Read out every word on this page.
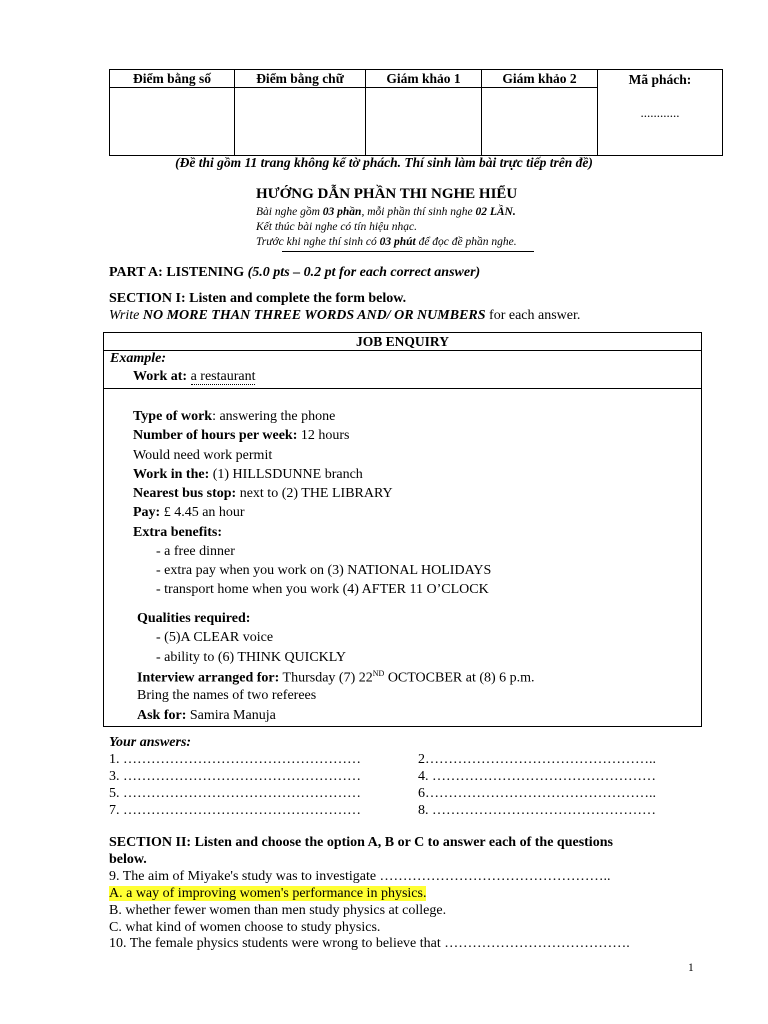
Điểm bằng số	Điểm bằng chữ	Giám khảo 1	Giám khảo 2	Mã phách:
............

(Đề thi gồm 11 trang không kể tờ phách. Thí sinh làm bài trực tiếp trên đề)
HƯỚNG DẪN PHẦN THI NGHE HIỂU
Bài nghe gồm 03 phần, mỗi phần thí sinh nghe 02 LẦN.
Kết thúc bài nghe có tín hiệu nhạc.
Trước khi nghe thí sinh có 03 phút để đọc đề phần nghe.
PART A: LISTENING (5.0 pts – 0.2 pt for each correct answer)
SECTION I: Listen and complete the form below.
Write NO MORE THAN THREE WORDS AND/ OR NUMBERS for each answer.
JOB ENQUIRY
Example:
Work at: a restaurant
Type of work: answering the phone
Number of hours per week: 12 hours
Would need work permit
Work in the: (1) HILLSDUNNE branch
Nearest bus stop: next to (2) THE LIBRARY
Pay: £ 4.45 an hour
Extra benefits:
- a free dinner
- extra pay when you work on (3) NATIONAL HOLIDAYS
- transport home when you work (4) AFTER 11 O’CLOCK
Qualities required:
- (5)A CLEAR voice
- ability to (6) THINK QUICKLY
Interview arranged for: Thursday (7) 22ND OCTOCBER at (8) 6 p.m.
Bring the names of two referees
Ask for: Samira Manuja
Your answers:
1. ……………………………………………	2…………………………………………..
3. ……………………………………………	4. …………………………………………
5. ……………………………………………	6…………………………………………..
7. ……………………………………………	8. …………………………………………
SECTION II: Listen and choose the option A, B or C to answer each of the questions
below.
9. The aim of Miyake's study was to investigate …………………………………………..
A. a way of improving women's performance in physics.
B. whether fewer women than men study physics at college.
C. what kind of women choose to study physics.
10. The female physics students were wrong to believe that ………………………………….
1
